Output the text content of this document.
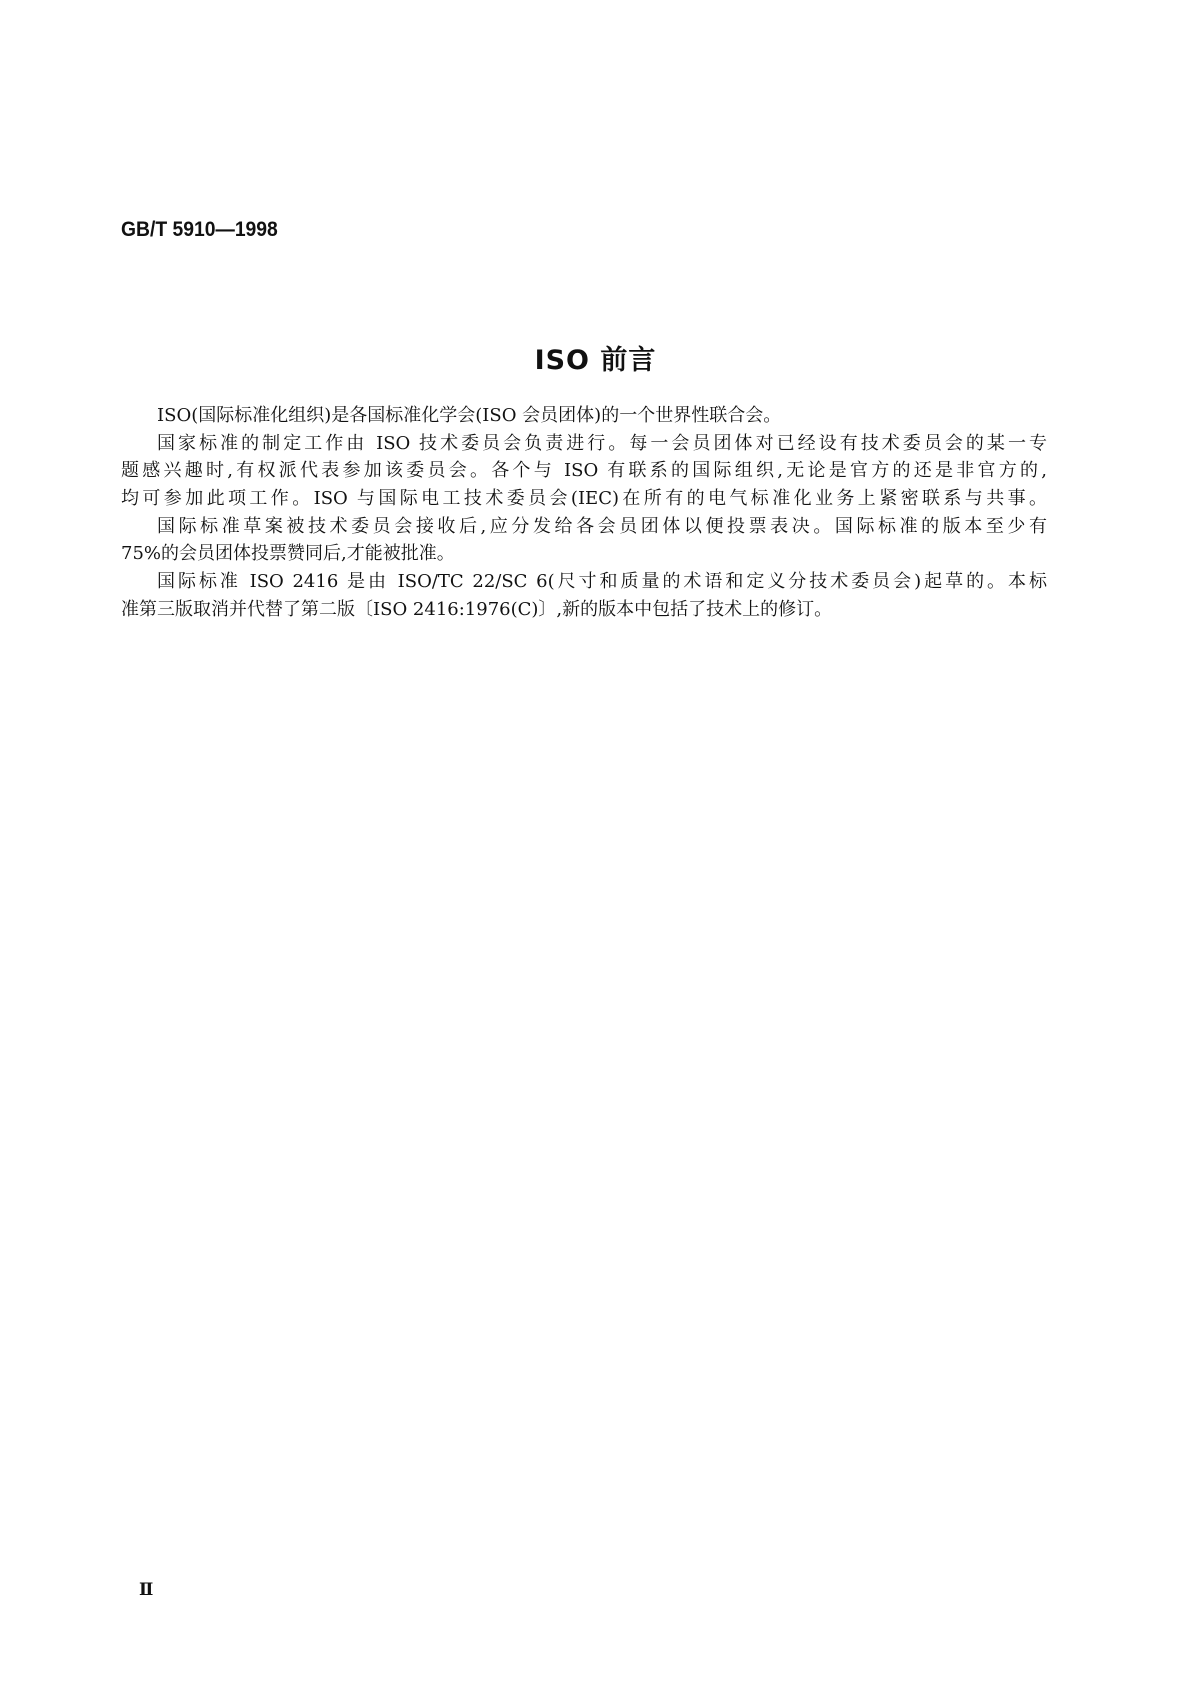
GB/T 5910—1998
ISO 前言
ISO(国际标准化组织)是各国标准化学会(ISO 会员团体)的一个世界性联合会。
国家标准的制定工作由 ISO 技术委员会负责进行。每一会员团体对已经设有技术委员会的某一专
题感兴趣时,有权派代表参加该委员会。各个与 ISO 有联系的国际组织,无论是官方的还是非官方的,
均可参加此项工作。ISO 与国际电工技术委员会(IEC)在所有的电气标准化业务上紧密联系与共事。
国际标准草案被技术委员会接收后,应分发给各会员团体以便投票表决。国际标准的版本至少有
75%的会员团体投票赞同后,才能被批准。
国际标准 ISO 2416 是由 ISO/TC 22/SC 6(尺寸和质量的术语和定义分技术委员会)起草的。本标
准第三版取消并代替了第二版〔ISO 2416:1976(C)〕,新的版本中包括了技术上的修订。
Ⅱ
